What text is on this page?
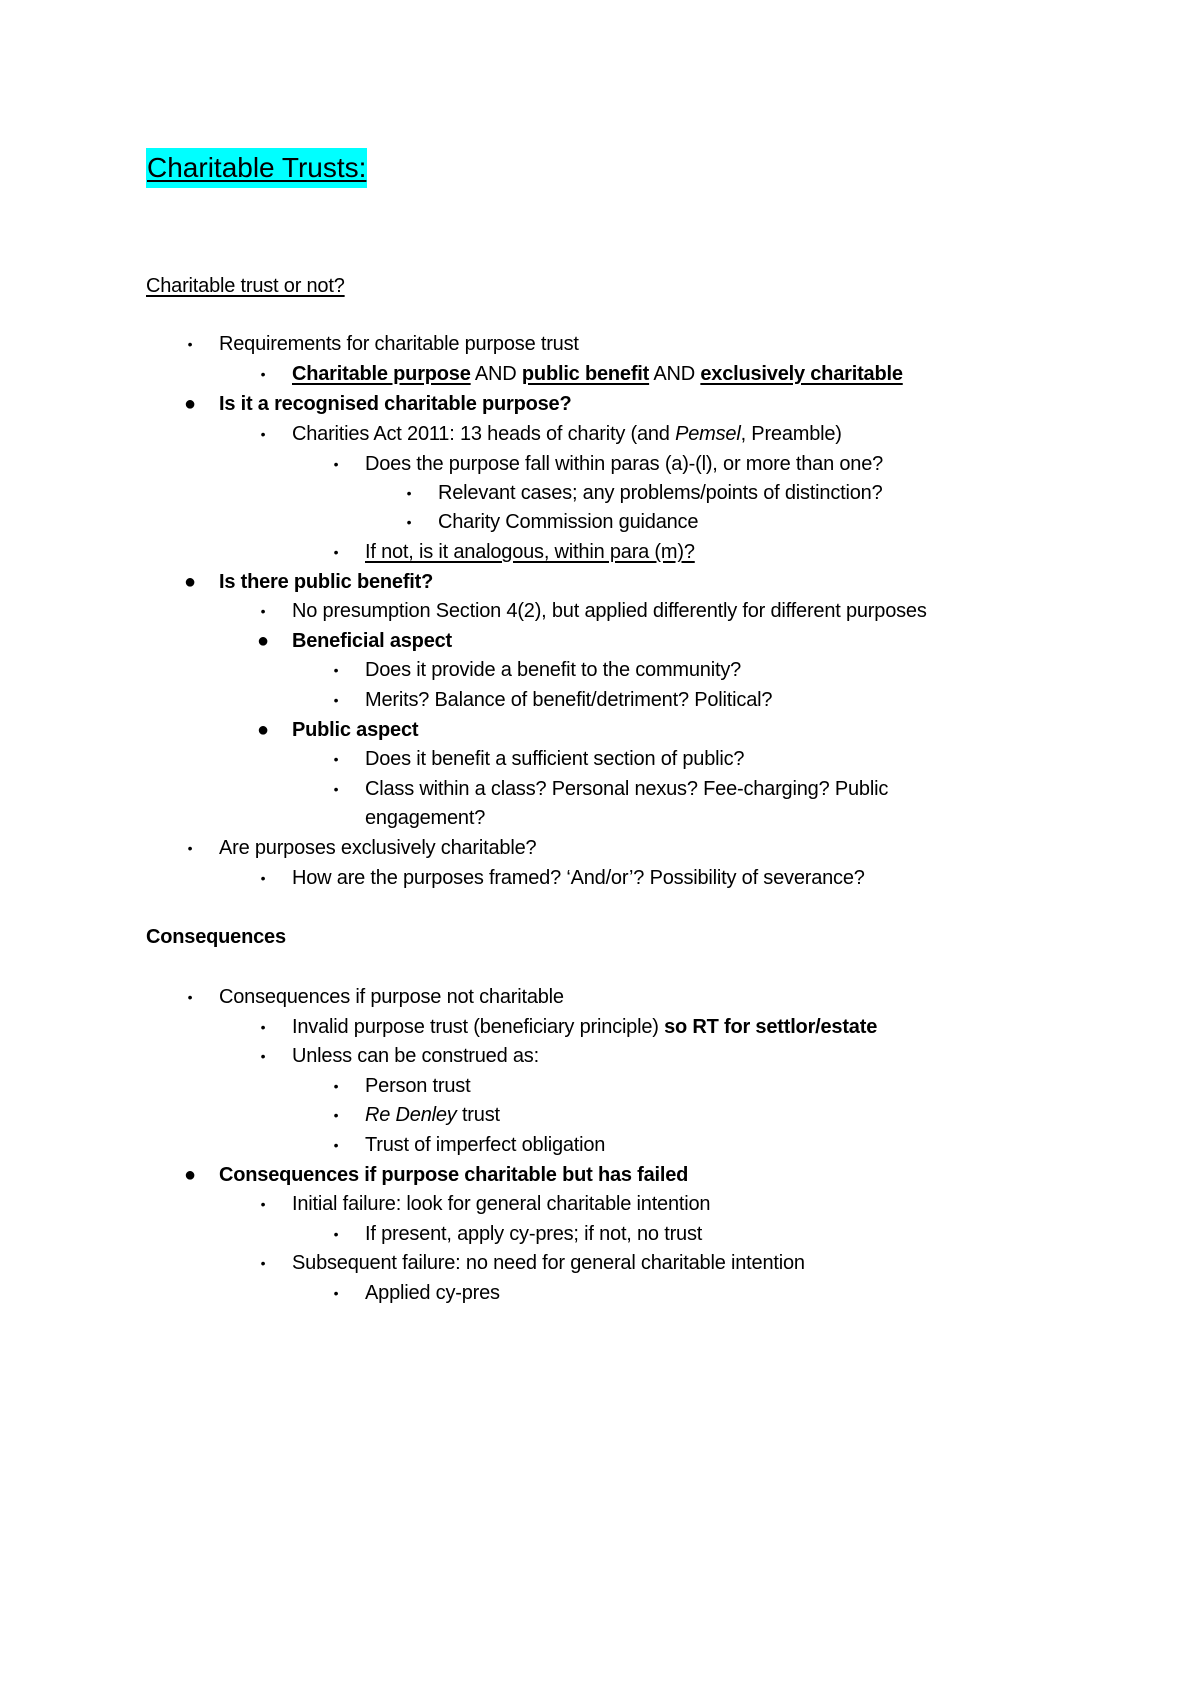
Charitable Trusts:
Charitable trust or not?
• Requirements for charitable purpose trust
• Charitable purpose AND public benefit AND exclusively charitable
● Is it a recognised charitable purpose?
• Charities Act 2011: 13 heads of charity (and Pemsel, Preamble)
• Does the purpose fall within paras (a)-(l), or more than one?
• Relevant cases; any problems/points of distinction?
• Charity Commission guidance
• If not, is it analogous, within para (m)?
● Is there public benefit?
• No presumption Section 4(2), but applied differently for different purposes
● Beneficial aspect
• Does it provide a benefit to the community?
• Merits? Balance of benefit/detriment? Political?
● Public aspect
• Does it benefit a sufficient section of public?
• Class within a class? Personal nexus? Fee-charging? Public
engagement?
• Are purposes exclusively charitable?
• How are the purposes framed? ‘And/or’? Possibility of severance?
Consequences
• Consequences if purpose not charitable
• Invalid purpose trust (beneficiary principle) so RT for settlor/estate
• Unless can be construed as:
• Person trust
• Re Denley trust
• Trust of imperfect obligation
● Consequences if purpose charitable but has failed
• Initial failure: look for general charitable intention
• If present, apply cy-pres; if not, no trust
• Subsequent failure: no need for general charitable intention
• Applied cy-pres
